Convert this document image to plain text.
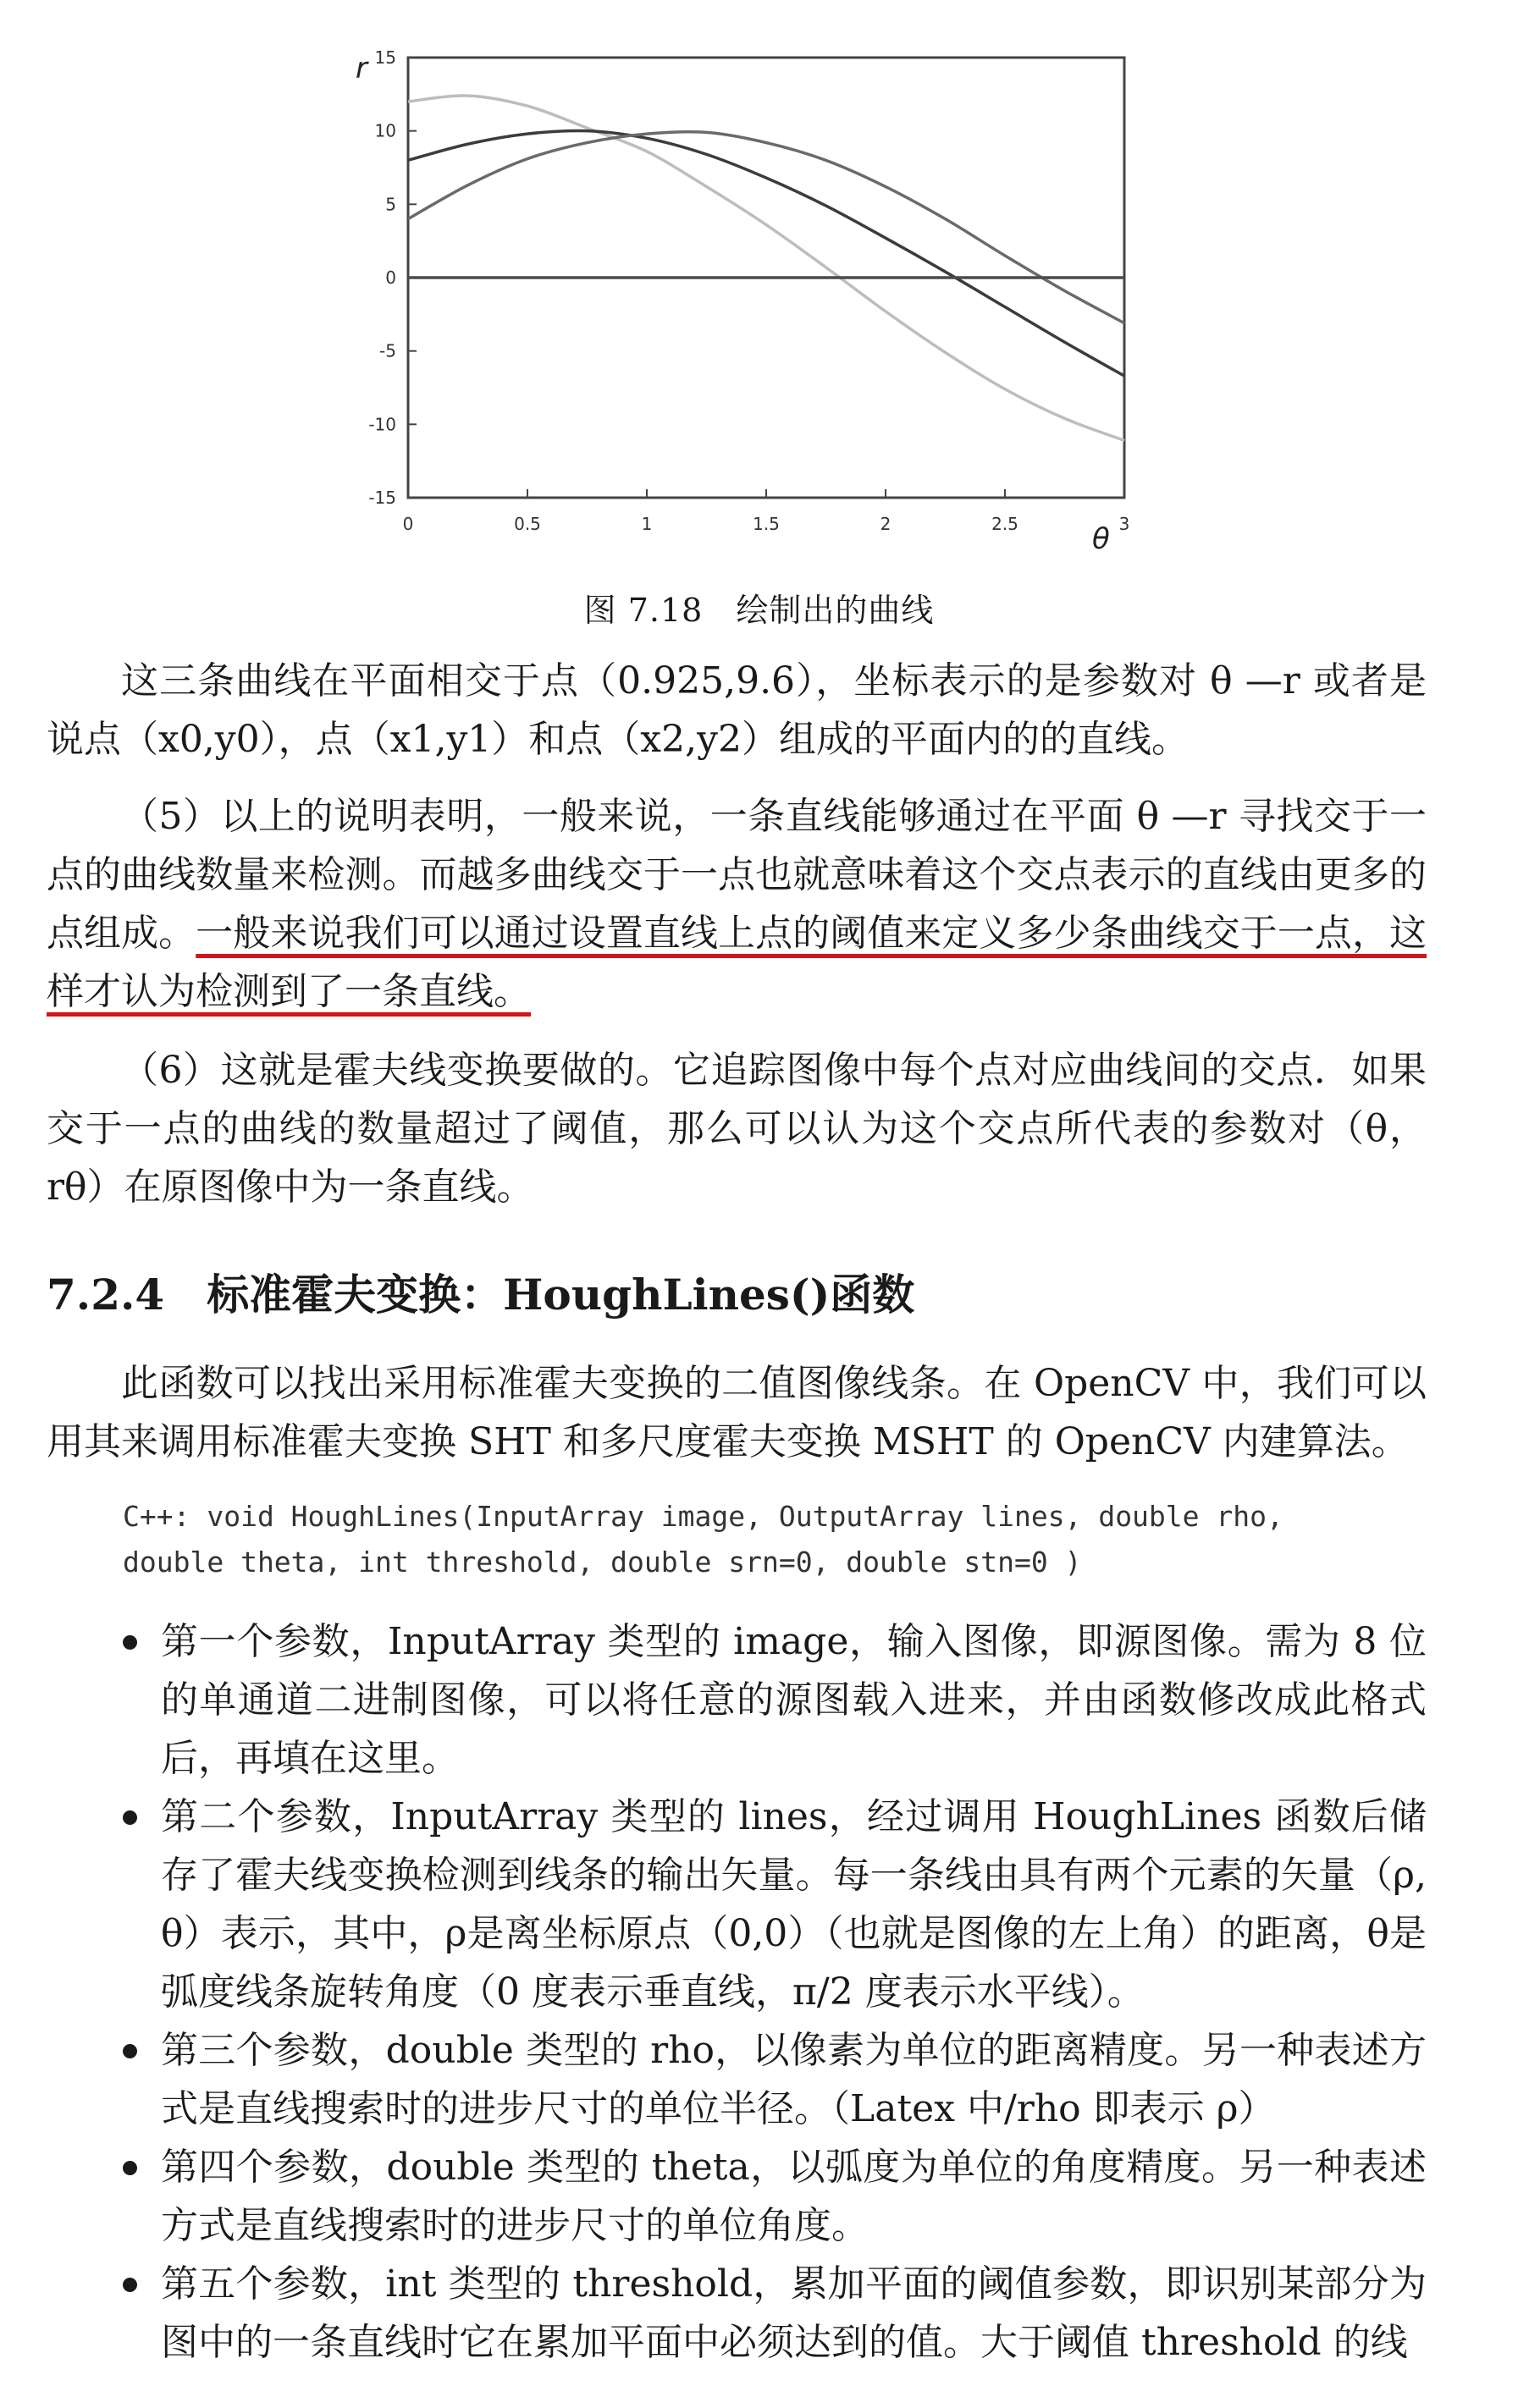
0	0.5	1	1.5	2	2.5	3
15
10
5
0
-5
-10
-15
r
θ
图 7.18　绘制出的曲线

这三条曲线在平面相交于点（0.925,9.6），坐标表示的是参数对 θ —r 或者是说点（x0,y0），点（x1,y1）和点（x2,y2）组成的平面内的的直线。

（5）以上的说明表明，一般来说，一条直线能够通过在平面 θ —r 寻找交于一点的曲线数量来检测。而越多曲线交于一点也就意味着这个交点表示的直线由更多的点组成。一般来说我们可以通过设置直线上点的阈值来定义多少条曲线交于一点，这样才认为检测到了一条直线。

（6）这就是霍夫线变换要做的。它追踪图像中每个点对应曲线间的交点．如果交于一点的曲线的数量超过了阈值，那么可以认为这个交点所代表的参数对（θ，rθ）在原图像中为一条直线。

7.2.4 标准霍夫变换：HoughLines()函数

此函数可以找出采用标准霍夫变换的二值图像线条。在 OpenCV 中，我们可以用其来调用标准霍夫变换 SHT 和多尺度霍夫变换 MSHT 的 OpenCV 内建算法。

C++: void HoughLines(InputArray image, OutputArray lines, double rho,
double theta, int threshold, double srn=0, double stn=0 )
第一个参数，InputArray 类型的 image，输入图像，即源图像。需为 8 位的单通道二进制图像，可以将任意的源图载入进来，并由函数修改成此格式后，再填在这里。
第二个参数，InputArray 类型的 lines，经过调用 HoughLines 函数后储存了霍夫线变换检测到线条的输出矢量。每一条线由具有两个元素的矢量（ρ, θ）表示，其中，ρ是离坐标原点（0,0）（也就是图像的左上角）的距离，θ是弧度线条旋转角度（0 度表示垂直线，π/2 度表示水平线）。
第三个参数，double 类型的 rho，以像素为单位的距离精度。另一种表述方式是直线搜索时的进步尺寸的单位半径。（Latex 中/rho 即表示 ρ）
第四个参数，double 类型的 theta，以弧度为单位的角度精度。另一种表述方式是直线搜索时的进步尺寸的单位角度。
第五个参数，int 类型的 threshold，累加平面的阈值参数，即识别某部分为图中的一条直线时它在累加平面中必须达到的值。大于阈值 threshold 的线
